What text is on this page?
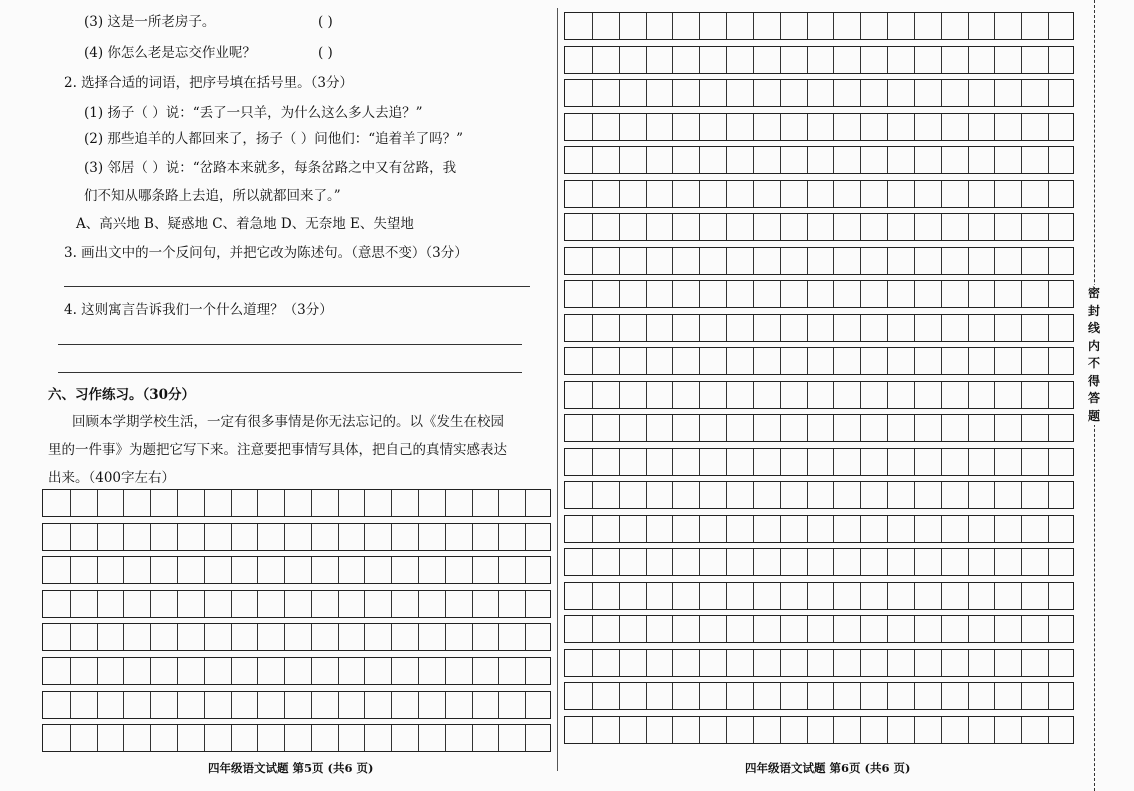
(3) 这是一所老房子。	( )
(4) 你怎么老是忘交作业呢？	( )
2. 选择合适的词语，把序号填在括号里。（3分）
(1) 扬子（ ）说：“丢了一只羊，为什么这么多人去追？”
(2) 那些追羊的人都回来了，扬子（ ）问他们：“追着羊了吗？”
(3) 邻居（ ）说：“岔路本来就多，每条岔路之中又有岔路，我
们不知从哪条路上去追，所以就都回来了。”
A、高兴地 B、疑惑地 C、着急地 D、无奈地 E、失望地
3. 画出文中的一个反问句，并把它改为陈述句。（意思不变）（3分）
4. 这则寓言告诉我们一个什么道理？（3分）
六、习作练习。（30分）
回顾本学期学校生活，一定有很多事情是你无法忘记的。以《发生在校园
里的一件事》为题把它写下来。注意要把事情写具体，把自己的真情实感表达
出来。（400字左右）
四年级语文试题 第5页 (共6 页)	四年级语文试题 第6页 (共6 页)
密
封
线
内
不
得
答
题
